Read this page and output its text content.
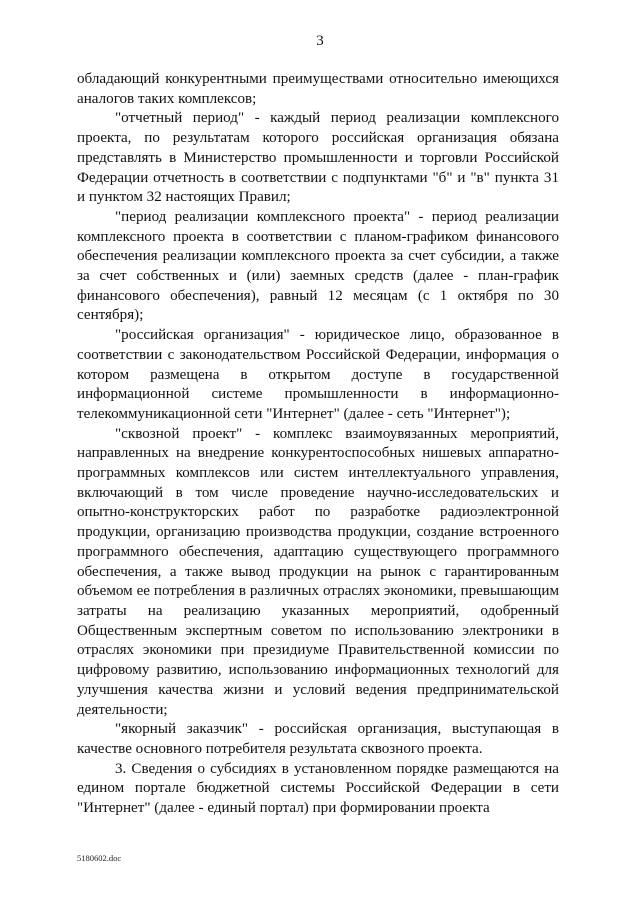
3

обладающий конкурентными преимуществами относительно имеющихся аналогов таких комплексов;

"отчетный период" - каждый период реализации комплексного проекта, по результатам которого российская организация обязана представлять в Министерство промышленности и торговли Российской Федерации отчетность в соответствии с подпунктами "б" и "в" пункта 31 и пунктом 32 настоящих Правил;

"период реализации комплексного проекта" - период реализации комплексного проекта в соответствии с планом-графиком финансового обеспечения реализации комплексного проекта за счет субсидии, а также за счет собственных и (или) заемных средств (далее - план-график финансового обеспечения), равный 12 месяцам (с 1 октября по 30 сентября);

"российская организация" - юридическое лицо, образованное в соответствии с законодательством Российской Федерации, информация о котором размещена в открытом доступе в государственной информационной системе промышленности в информационно-телекоммуникационной сети "Интернет" (далее - сеть "Интернет");

"сквозной проект" - комплекс взаимоувязанных мероприятий, направленных на внедрение конкурентоспособных нишевых аппаратно-программных комплексов или систем интеллектуального управления, включающий в том числе проведение научно-исследовательских и опытно-конструкторских работ по разработке радиоэлектронной продукции, организацию производства продукции, создание встроенного программного обеспечения, адаптацию существующего программного обеспечения, а также вывод продукции на рынок с гарантированным объемом ее потребления в различных отраслях экономики, превышающим затраты на реализацию указанных мероприятий, одобренный Общественным экспертным советом по использованию электроники в отраслях экономики при президиуме Правительственной комиссии по цифровому развитию, использованию информационных технологий для улучшения качества жизни и условий ведения предпринимательской деятельности;

"якорный заказчик" - российская организация, выступающая в качестве основного потребителя результата сквозного проекта.

3. Сведения о субсидиях в установленном порядке размещаются на едином портале бюджетной системы Российской Федерации в сети "Интернет" (далее - единый портал) при формировании проекта

5180602.doc
